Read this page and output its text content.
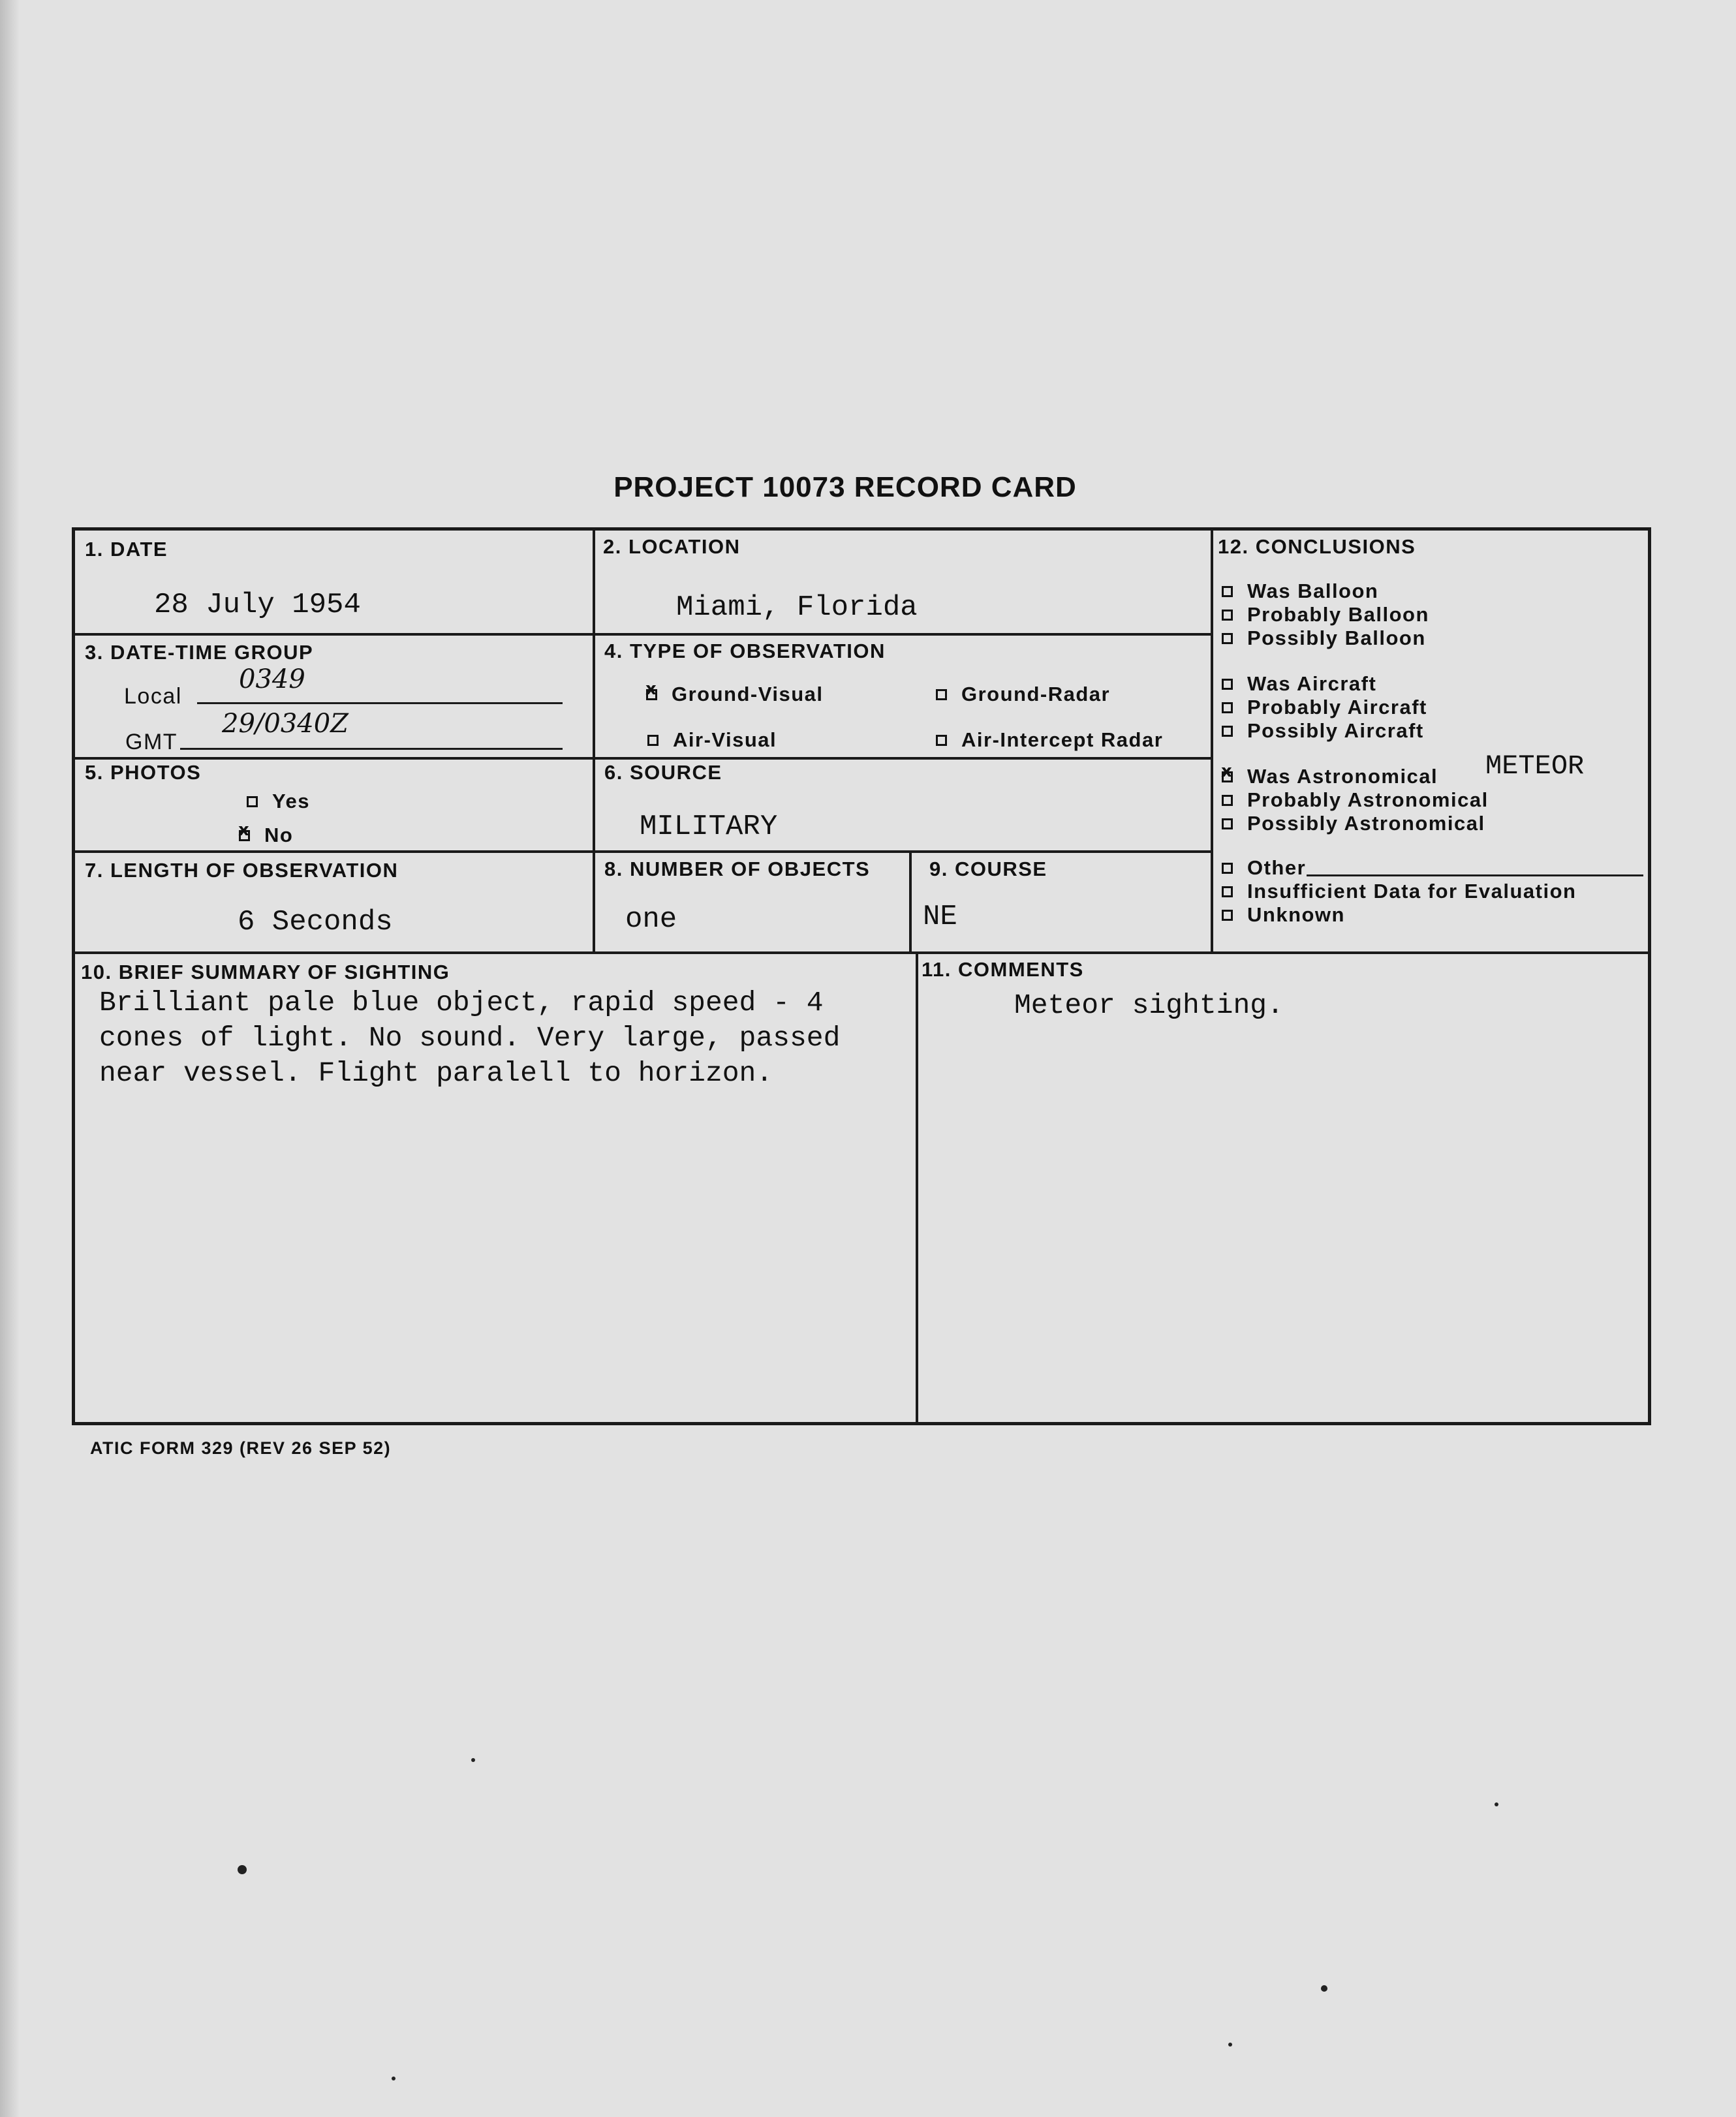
PROJECT 10073 RECORD CARD
1. DATE
28 July 1954
2. LOCATION
Miami, Florida
3. DATE-TIME GROUP
Local
0349
GMT
29/0340Z
4. TYPE OF OBSERVATION
x
Ground-Visual	Ground-Radar
Air-Visual	Air-Intercept Radar
5. PHOTOS
Yes
x
No
6. SOURCE
MILITARY
7. LENGTH OF OBSERVATION
6 Seconds
8. NUMBER OF OBJECTS
one
9. COURSE
NE
12. CONCLUSIONS
Was Balloon
Probably Balloon
Possibly Balloon
Was Aircraft
Probably Aircraft
Possibly Aircraft
x
Was Astronomical METEOR
Probably Astronomical
Possibly Astronomical
Other
Insufficient Data for Evaluation
Unknown
10. BRIEF SUMMARY OF SIGHTING
Brilliant pale blue object, rapid speed - 4
cones of light. No sound. Very large, passed
near vessel. Flight paralell to horizon.
11. COMMENTS
Meteor sighting.
ATIC FORM 329 (REV 26 SEP 52)
